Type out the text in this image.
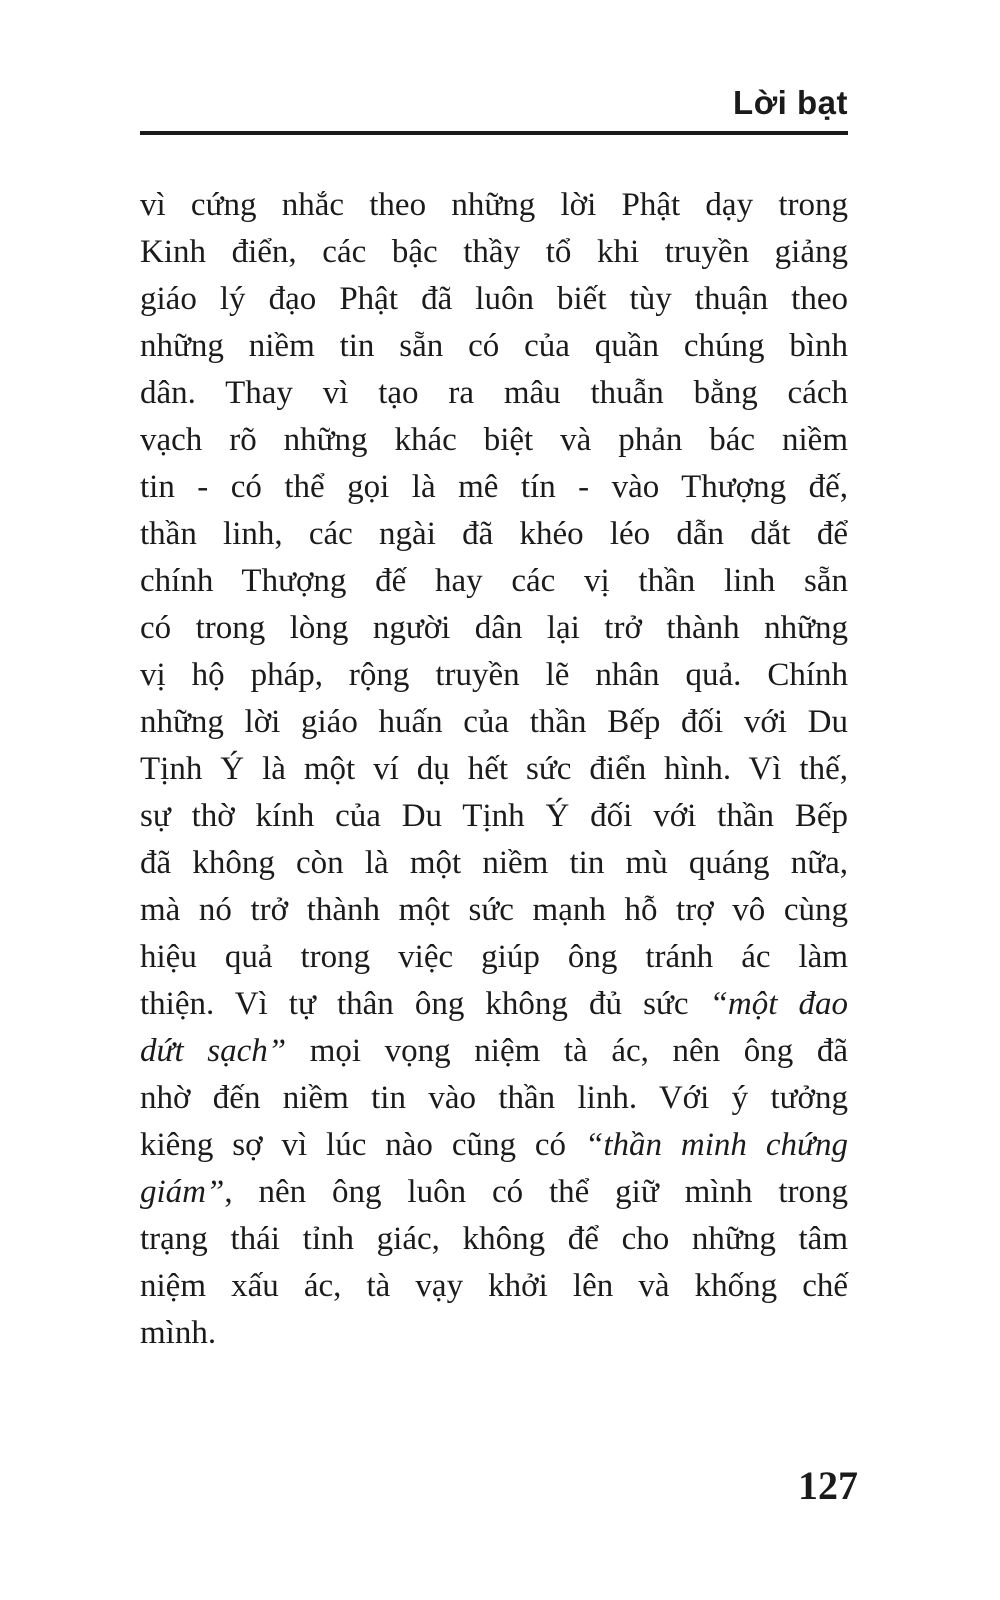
Lời bạt
vì cứng nhắc theo những lời Phật dạy trong
Kinh điển, các bậc thầy tổ khi truyền giảng
giáo lý đạo Phật đã luôn biết tùy thuận theo
những niềm tin sẵn có của quần chúng bình
dân. Thay vì tạo ra mâu thuẫn bằng cách
vạch rõ những khác biệt và phản bác niềm
tin - có thể gọi là mê tín - vào Thượng đế,
thần linh, các ngài đã khéo léo dẫn dắt để
chính Thượng đế hay các vị thần linh sẵn
có trong lòng người dân lại trở thành những
vị hộ pháp, rộng truyền lẽ nhân quả. Chính
những lời giáo huấn của thần Bếp đối với Du
Tịnh Ý là một ví dụ hết sức điển hình. Vì thế,
sự thờ kính của Du Tịnh Ý đối với thần Bếp
đã không còn là một niềm tin mù quáng nữa,
mà nó trở thành một sức mạnh hỗ trợ vô cùng
hiệu quả trong việc giúp ông tránh ác làm
thiện. Vì tự thân ông không đủ sức “một đao
dứt sạch” mọi vọng niệm tà ác, nên ông đã
nhờ đến niềm tin vào thần linh. Với ý tưởng
kiêng sợ vì lúc nào cũng có “thần minh chứng
giám”, nên ông luôn có thể giữ mình trong
trạng thái tỉnh giác, không để cho những tâm
niệm xấu ác, tà vạy khởi lên và khống chế
mình.
127
